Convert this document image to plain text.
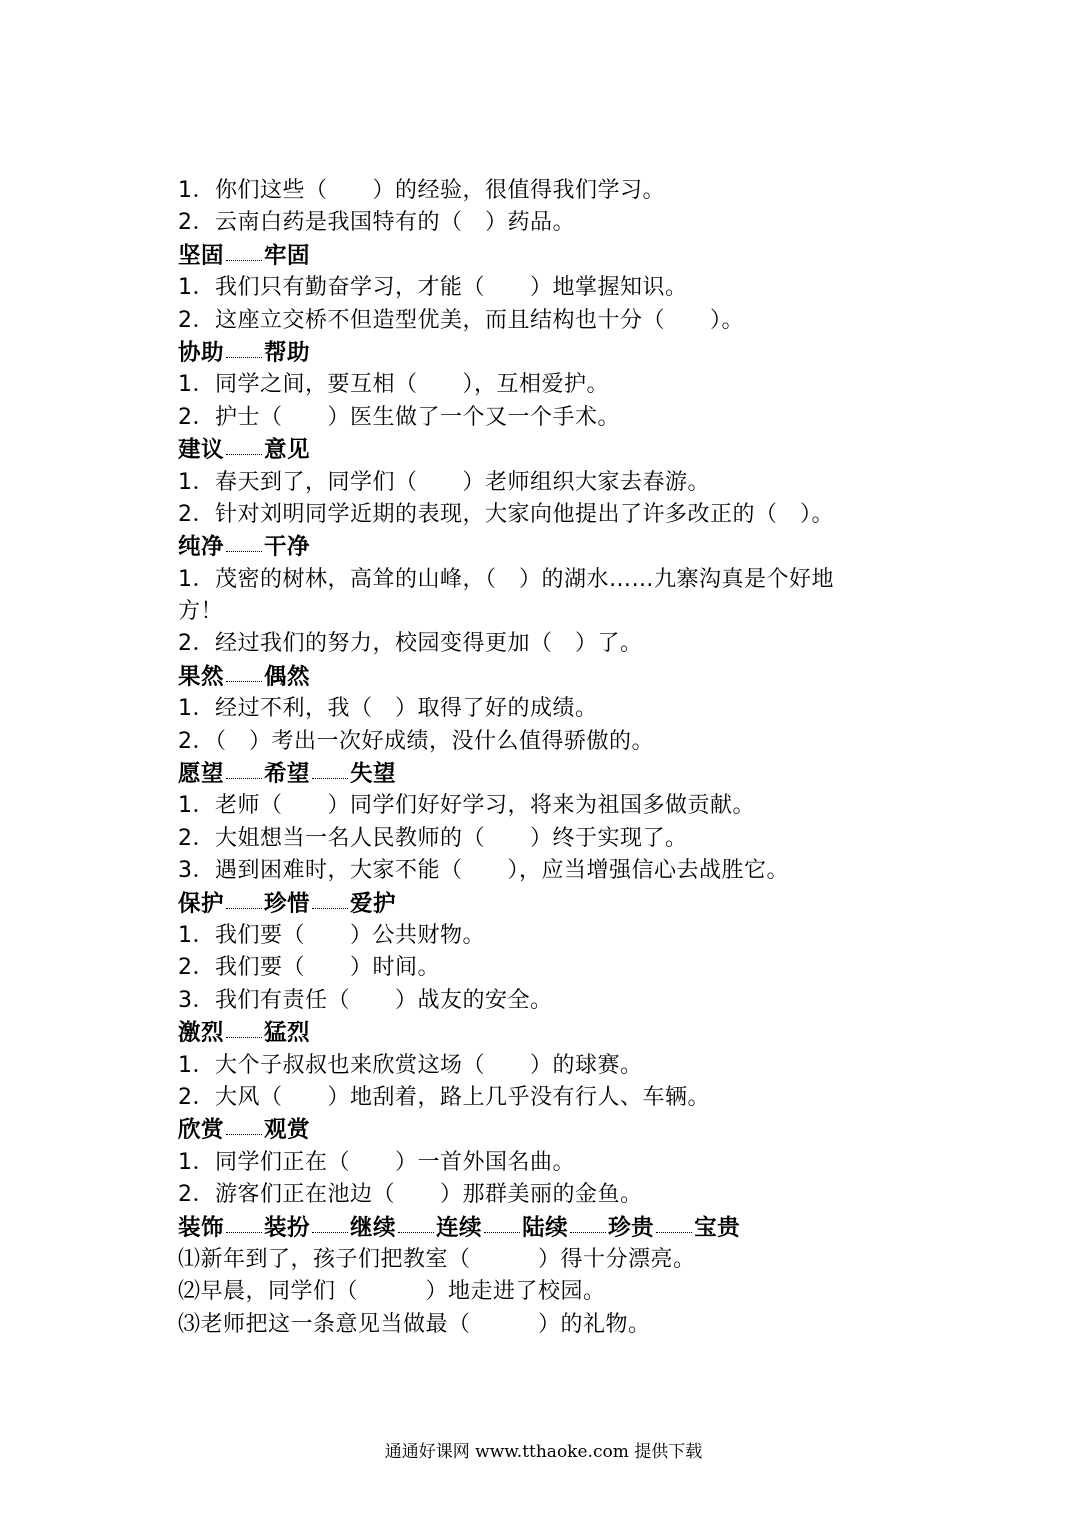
1．你们这些（　　）的经验，很值得我们学习。
2．云南白药是我国特有的（　）药品。
坚固 牢固
1．我们只有勤奋学习，才能（　　）地掌握知识。
2．这座立交桥不但造型优美，而且结构也十分（　　）。
协助 帮助
1．同学之间，要互相（　　），互相爱护。
2．护士（　　）医生做了一个又一个手术。
建议 意见
1．春天到了，同学们（　　）老师组织大家去春游。
2．针对刘明同学近期的表现，大家向他提出了许多改正的（　）。
纯净 干净
1．茂密的树林，高耸的山峰，（　）的湖水……九寨沟真是个好地
方！
2．经过我们的努力，校园变得更加（　）了。
果然 偶然
1．经过不利，我（　）取得了好的成绩。
2．（　）考出一次好成绩，没什么值得骄傲的。
愿望 希望 失望
1．老师（　　）同学们好好学习，将来为祖国多做贡献。
2．大姐想当一名人民教师的（　　）终于实现了。
3．遇到困难时，大家不能（　　），应当增强信心去战胜它。
保护 珍惜 爱护
1．我们要（　　）公共财物。
2．我们要（　　）时间。
3．我们有责任（　　）战友的安全。
激烈 猛烈
1．大个子叔叔也来欣赏这场（　　）的球赛。
2．大风（　　）地刮着，路上几乎没有行人、车辆。
欣赏 观赏
1．同学们正在（　　）一首外国名曲。
2．游客们正在池边（　　）那群美丽的金鱼。
装饰 装扮 继续 连续 陆续 珍贵 宝贵
⑴新年到了，孩子们把教室（　　　）得十分漂亮。
⑵早晨，同学们（　　　）地走进了校园。
⑶老师把这一条意见当做最（　　　）的礼物。
通通好课网 www.tthaoke.com 提供下载
